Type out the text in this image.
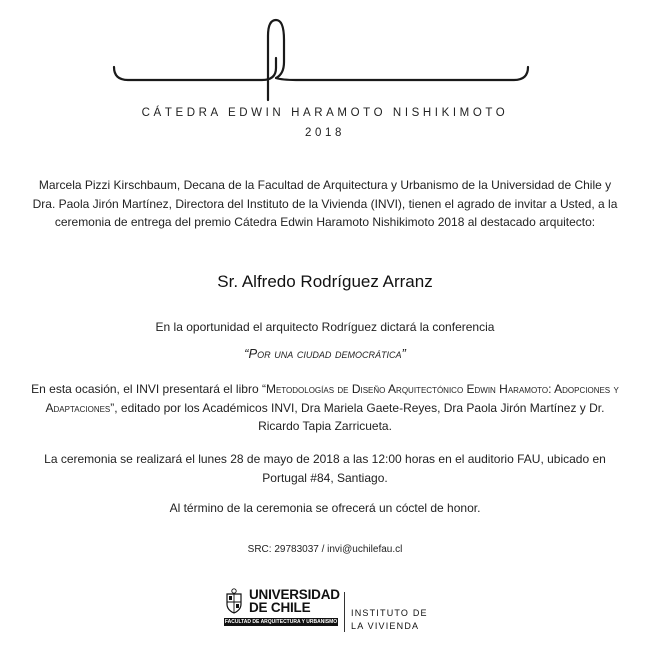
CÁTEDRA EDWIN HARAMOTO NISHIKIMOTO
2018
Marcela Pizzi Kirschbaum, Decana de la Facultad de Arquitectura y Urbanismo de la Universidad de Chile y Dra. Paola Jirón Martínez, Directora del Instituto de la Vivienda (INVI), tienen el agrado de invitar a Usted, a la ceremonia de entrega del premio Cátedra Edwin Haramoto Nishikimoto 2018 al destacado arquitecto:
Sr. Alfredo Rodríguez Arranz
En la oportunidad el arquitecto Rodríguez dictará la conferencia
“Por una ciudad democrática”
En esta ocasión, el INVI presentará el libro “Metodologías de Diseño Arquitectónico Edwin Haramoto: Adopciones y Adaptaciones”, editado por los Académicos INVI, Dra Mariela Gaete-Reyes, Dra Paola Jirón Martínez y Dr. Ricardo Tapia Zarricueta.
La ceremonia se realizará el lunes 28 de mayo de 2018 a las 12:00 horas en el auditorio FAU, ubicado en Portugal #84, Santiago.
Al término de la ceremonia se ofrecerá un cóctel de honor.
SRC: 29783037 / invi@uchilefau.cl
UNIVERSIDAD
DE CHILE
FACULTAD DE ARQUITECTURA Y URBANISMO
INSTITUTO DE
LA VIVIENDA
